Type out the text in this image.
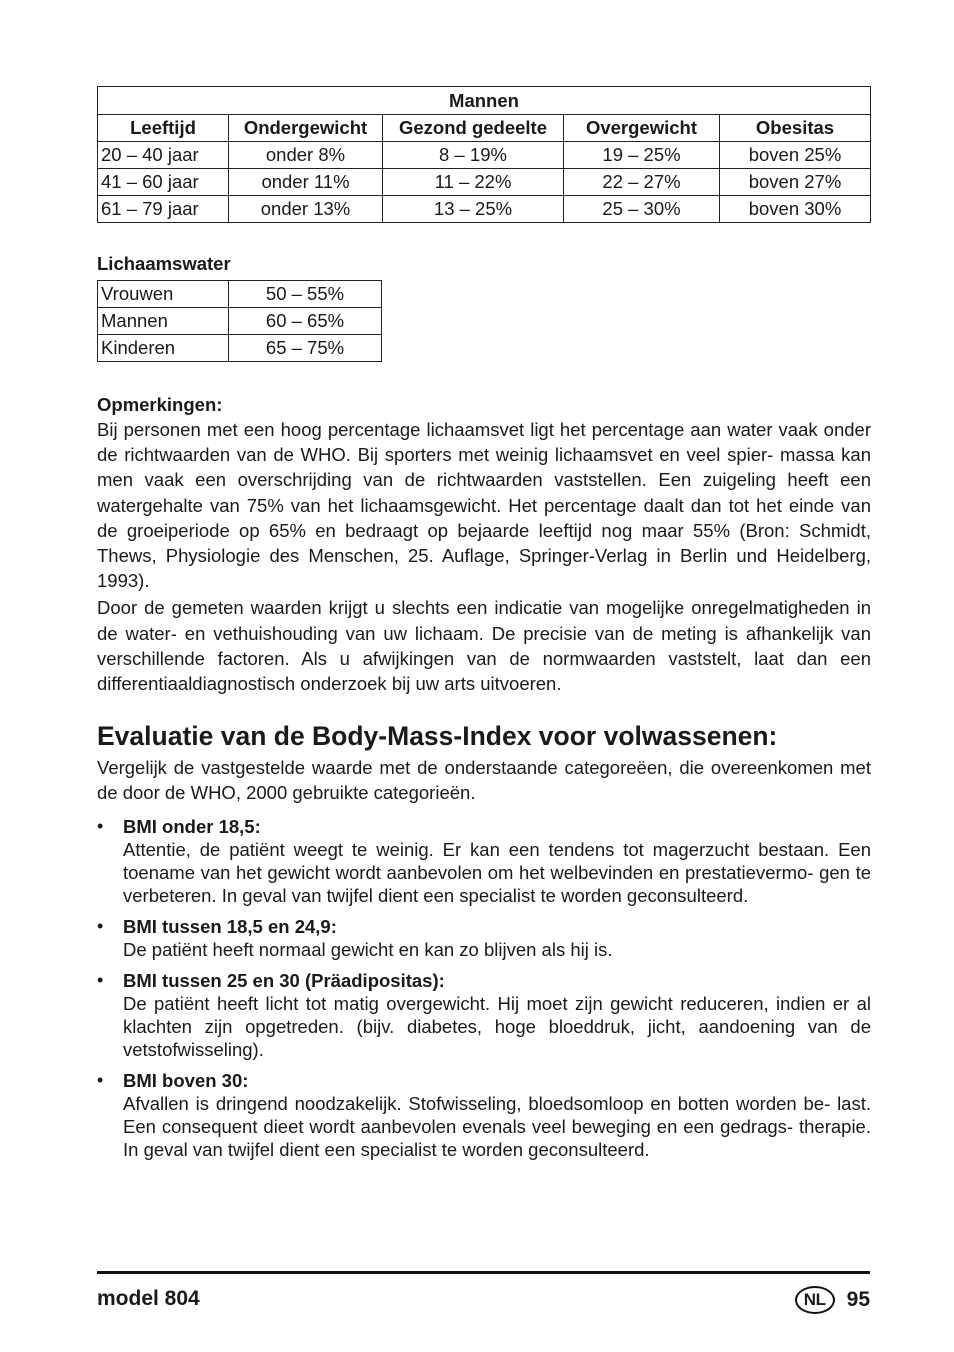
Mannen				
Leeftijd	Ondergewicht	Gezond gedeelte	Overgewicht	Obesitas
20 – 40 jaar	onder 8%	8 – 19%	19 – 25%	boven 25%
41 – 60 jaar	onder 11%	11 – 22%	22 – 27%	boven 27%
61 – 79 jaar	onder 13%	13 – 25%	25 – 30%	boven 30%
Lichaamswater
Vrouwen	50 – 55%
Mannen	60 – 65%
Kinderen	65 – 75%
Opmerkingen:

Bij personen met een hoog percentage lichaamsvet ligt het percentage aan water vaak onder de richtwaarden van de WHO. Bij sporters met weinig lichaamsvet en veel spier- massa kan men vaak een overschrijding van de richtwaarden vaststellen. Een zuigeling heeft een watergehalte van 75% van het lichaamsgewicht. Het percentage daalt dan tot het einde van de groeiperiode op 65% en bedraagt op bejaarde leeftijd nog maar 55% (Bron: Schmidt, Thews, Physiologie des Menschen, 25. Auflage, Springer-Verlag in Berlin und Heidelberg, 1993).

Door de gemeten waarden krijgt u slechts een indicatie van mogelijke onregelmatigheden in de water- en vethuishouding van uw lichaam. De precisie van de meting is afhankelijk van verschillende factoren. Als u afwijkingen van de normwaarden vaststelt, laat dan een differentiaaldiagnostisch onderzoek bij uw arts uitvoeren.

Evaluatie van de Body-Mass-Index voor volwassenen:

Vergelijk de vastgestelde waarde met de onderstaande categoreëen, die overeenkomen met de door de WHO, 2000 gebruikte categorieën.

• BMI onder 18,5:
Attentie, de patiënt weegt te weinig. Er kan een tendens tot magerzucht bestaan. Een toename van het gewicht wordt aanbevolen om het welbevinden en prestatievermo- gen te verbeteren. In geval van twijfel dient een specialist te worden geconsulteerd.
• BMI tussen 18,5 en 24,9:
De patiënt heeft normaal gewicht en kan zo blijven als hij is.
• BMI tussen 25 en 30 (Präadipositas):
De patiënt heeft licht tot matig overgewicht. Hij moet zijn gewicht reduceren, indien er al klachten zijn opgetreden. (bijv. diabetes, hoge bloeddruk, jicht, aandoening van de vetstofwisseling).
• BMI boven 30:
Afvallen is dringend noodzakelijk. Stofwisseling, bloedsomloop en botten worden be- last. Een consequent dieet wordt aanbevolen evenals veel beweging en een gedrags- therapie. In geval van twijfel dient een specialist te worden geconsulteerd.
model 804	NL	95
